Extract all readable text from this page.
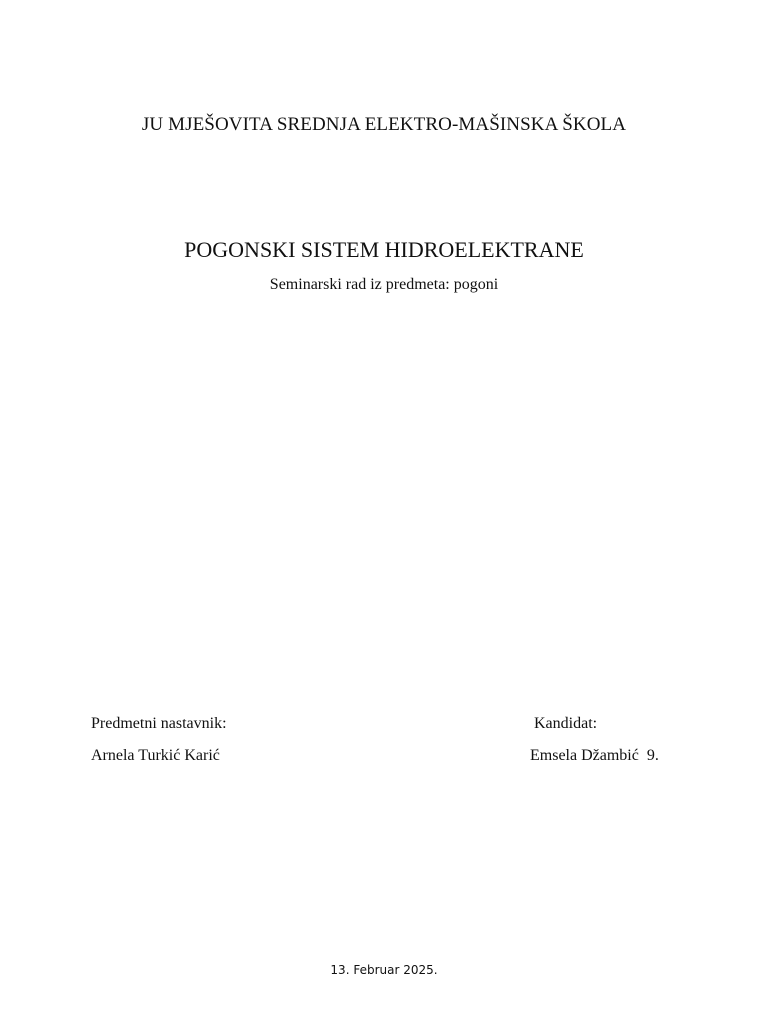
JU MJEŠOVITA SREDNJA ELEKTRO-MAŠINSKA ŠKOLA
POGONSKI SISTEM HIDROELEKTRANE
Seminarski rad iz predmeta: pogoni
Predmetni nastavnik:
Arnela Turkić Karić
Kandidat:
Emsela Džambić  9.
13. Februar 2025.
